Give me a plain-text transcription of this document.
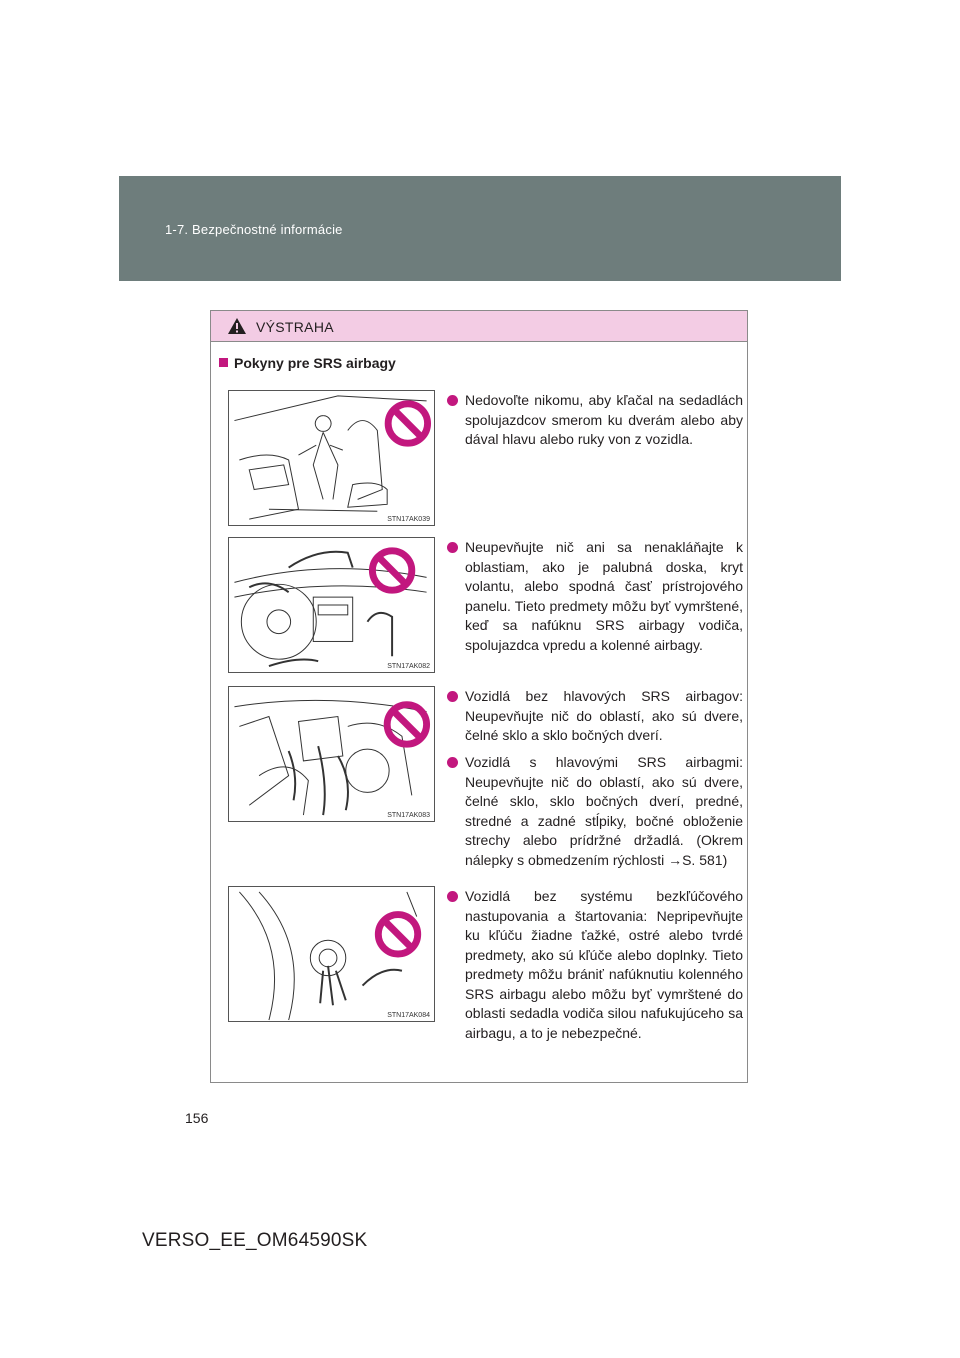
1-7. Bezpečnostné informácie
VÝSTRAHA
Pokyny pre SRS airbagy
STN17AK039
STN17AK082
STN17AK083
STN17AK084
Nedovoľte nikomu, aby kľačal na sedadlách spolujazdcov smerom ku dverám alebo aby dával hlavu alebo ruky von z vozidla.
Neupevňujte nič ani sa nenakláňajte k oblastiam, ako je palubná doska, kryt volantu, alebo spodná časť prístrojového panelu. Tieto predmety môžu byť vymrštené, keď sa nafúknu SRS airbagy vodiča, spolujazdca vpredu a kolenné airbagy.
Vozidlá bez hlavových SRS airbagov: Neupevňujte nič do oblastí, ako sú dvere, čelné sklo a sklo bočných dverí.
Vozidlá s hlavovými SRS airbagmi: Neupevňujte nič do oblastí, ako sú dvere, čelné sklo, sklo bočných dverí, predné, stredné a zadné stĺpiky, bočné obloženie strechy alebo prídržné držadlá. (Okrem nálepky s obmedzením rýchlosti →S. 581)
Vozidlá bez systému bezkľúčového nastupovania a štartovania: Nepripevňujte ku kľúču žiadne ťažké, ostré alebo tvrdé predmety, ako sú kľúče alebo doplnky. Tieto predmety môžu brániť nafúknutiu kolenného SRS airbagu alebo môžu byť vymrštené do oblasti sedadla vodiča silou nafukujúceho sa airbagu, a to je nebezpečné.
156
VERSO_EE_OM64590SK
